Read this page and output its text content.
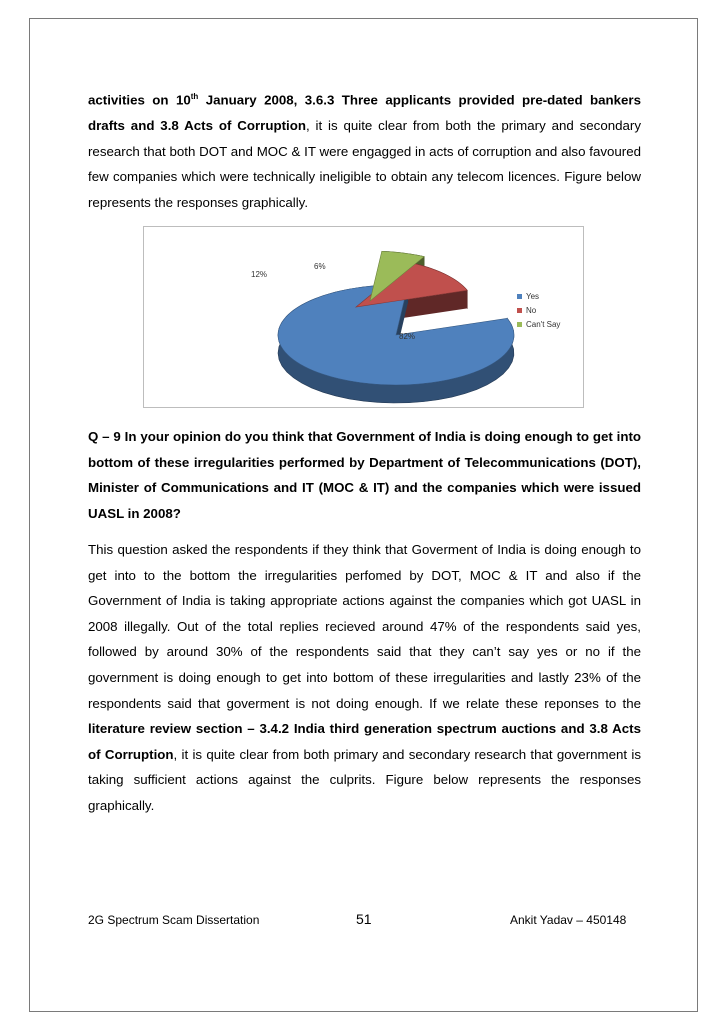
activities on 10th January 2008, 3.6.3 Three applicants provided pre-dated bankers drafts and 3.8 Acts of Corruption, it is quite clear from both the primary and secondary research that both DOT and MOC & IT were engagged in acts of corruption and also favoured few companies which were technically ineligible to obtain any telecom licences. Figure below represents the responses graphically.

82%
12%
6%
Yes
No
Can't Say

Q – 9 In your opinion do you think that Government of India is doing enough to get into bottom of these irregularities performed by Department of Telecommunications (DOT), Minister of Communications and IT (MOC & IT) and the companies which were issued UASL in 2008?

This question asked the respondents if they think that Goverment of India is doing enough to get into to the bottom the irregularities perfomed by DOT, MOC & IT and also if the Government of India is taking appropriate actions against the companies which got UASL in 2008 illegally. Out of the total replies recieved around 47% of the respondents said yes, followed by around 30% of the respondents said that they can’t say yes or no if the government is doing enough to get into bottom of these irregularities and lastly 23% of the respondents said that goverment is not doing enough. If we relate these reponses to the literature review section – 3.4.2 India third generation spectrum auctions and 3.8 Acts of Corruption, it is quite clear from both primary and secondary research that government is taking sufficient actions against the culprits. Figure below represents the responses graphically.

2G Spectrum Scam Dissertation	51	Ankit Yadav – 450148
